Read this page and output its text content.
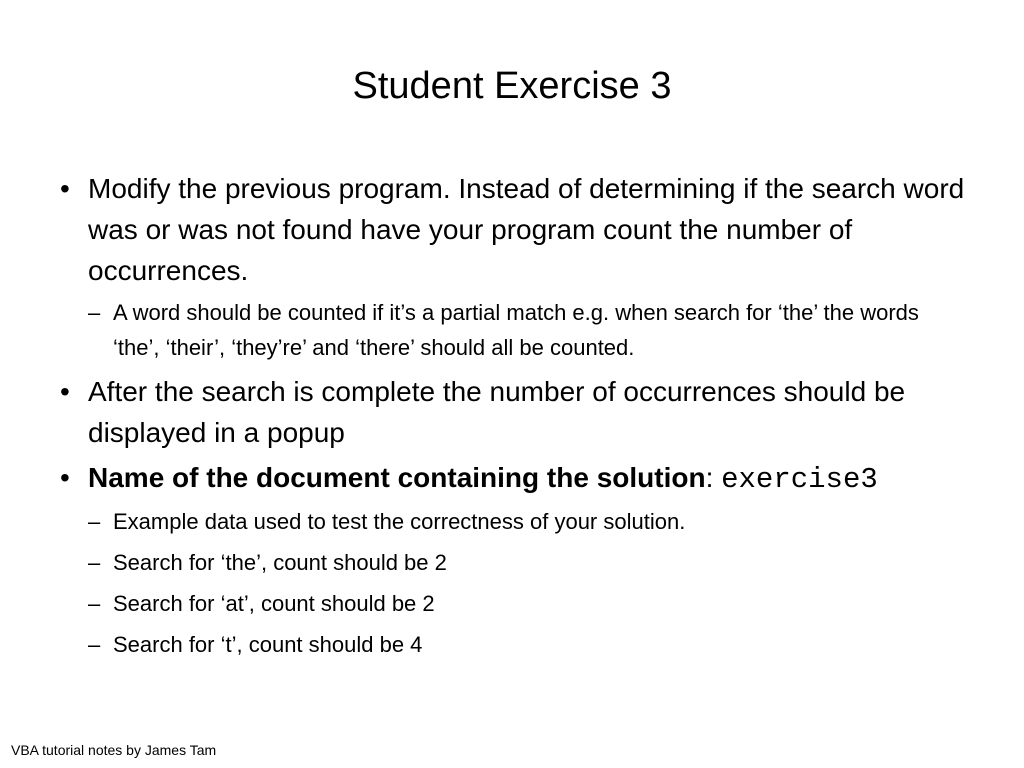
Student Exercise 3
• Modify the previous program. Instead of determining if the search word was or was not found have your program count the number of occurrences.
– A word should be counted if it’s a partial match e.g. when search for ‘the’ the words ‘the’, ‘their’, ‘they’re’ and ‘there’ should all be counted.
• After the search is complete the number of occurrences should be displayed in a popup
• Name of the document containing the solution: exercise3
– Example data used to test the correctness of your solution.
– Search for ‘the’, count should be 2
– Search for ‘at’, count should be 2
– Search for ‘t’, count should be 4
VBA tutorial notes by James Tam
